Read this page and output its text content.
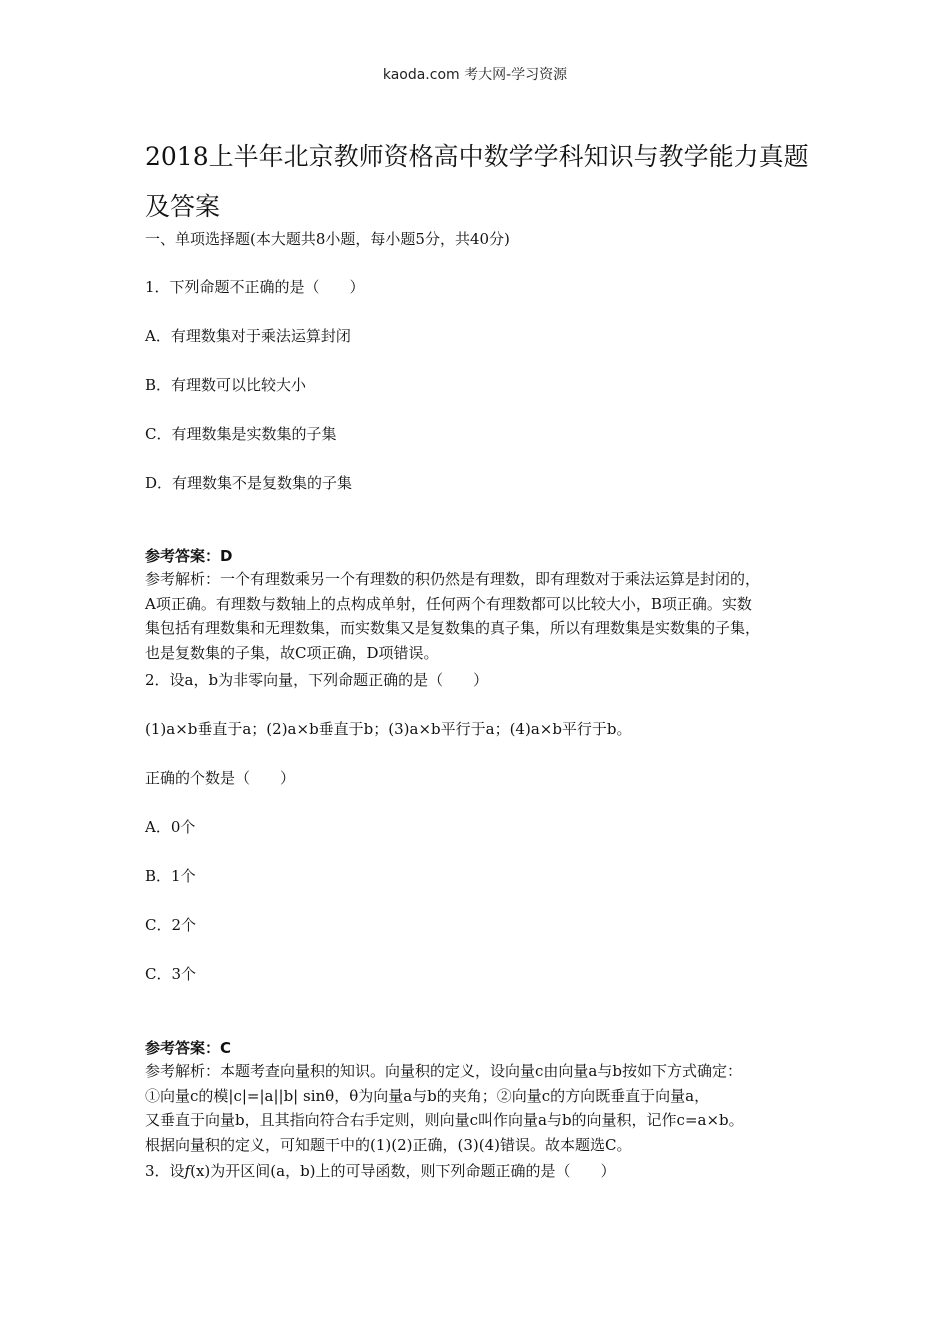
kaoda.com 考大网-学习资源
2018上半年北京教师资格高中数学学科知识与教学能力真题及答案
一、单项选择题(本大题共8小题，每小题5分，共40分)
1．下列命题不正确的是（　　）
A．有理数集对于乘法运算封闭
B．有理数可以比较大小
C．有理数集是实数集的子集
D．有理数集不是复数集的子集
参考答案：D
参考解析：一个有理数乘另一个有理数的积仍然是有理数，即有理数对于乘法运算是封闭的，
A项正确。有理数与数轴上的点构成单射，任何两个有理数都可以比较大小，B项正确。实数
集包括有理数集和无理数集，而实数集又是复数集的真子集，所以有理数集是实数集的子集，
也是复数集的子集，故C项正确，D项错误。
2．设a，b为非零向量，下列命题正确的是（　　）
(1)a×b垂直于a；(2)a×b垂直于b；(3)a×b平行于a；(4)a×b平行于b。
正确的个数是（　　）
A．0个
B．1个
C．2个
C．3个
参考答案：C
参考解析：本题考查向量积的知识。向量积的定义，设向量c由向量a与b按如下方式确定：
①向量c的模|c|=|a||b| sinθ，θ为向量a与b的夹角；②向量c的方向既垂直于向量a，
又垂直于向量b，且其指向符合右手定则，则向量c叫作向量a与b的向量积，记作c=a×b。
根据向量积的定义，可知题干中的(1)(2)正确，(3)(4)错误。故本题选C。
3．设f(x)为开区间(a，b)上的可导函数，则下列命题正确的是（　　）
